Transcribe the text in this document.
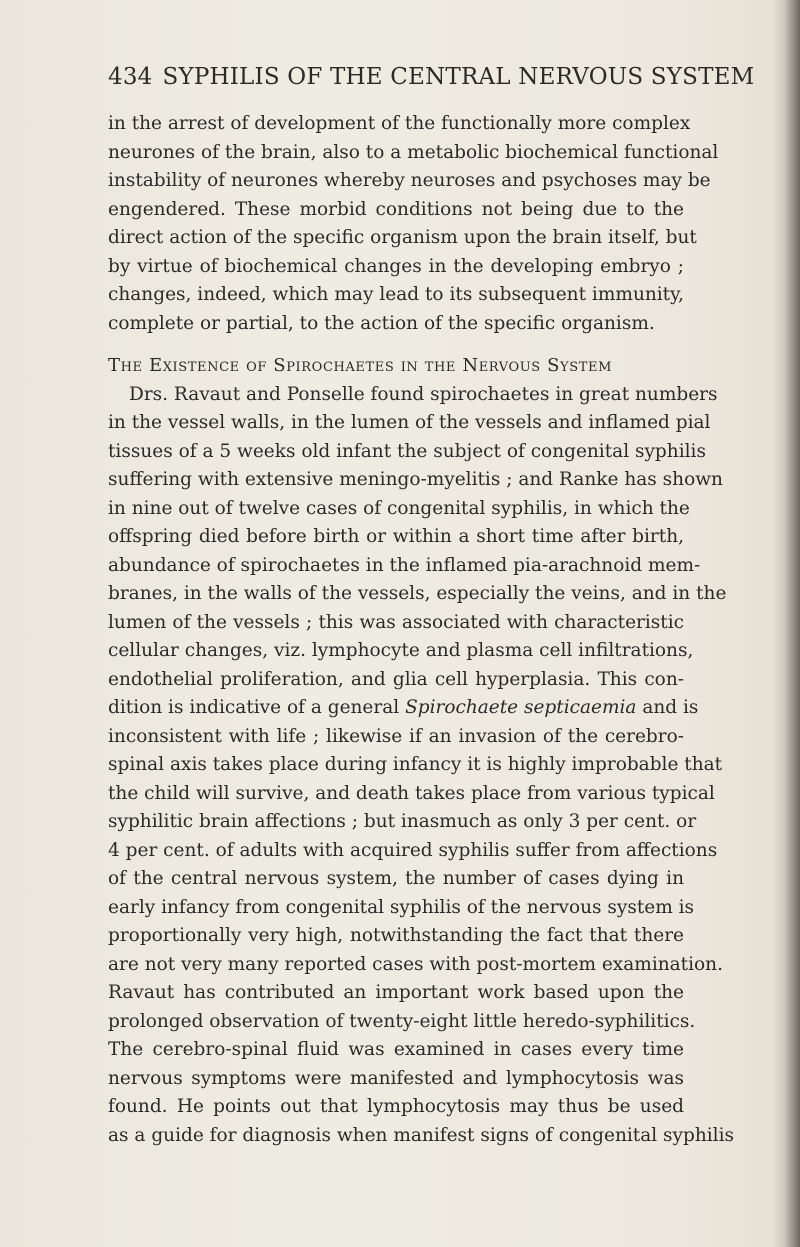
434 SYPHILIS OF THE CENTRAL NERVOUS SYSTEM
in the arrest of development of the functionally more complex
neurones of the brain, also to a metabolic biochemical functional
instability of neurones whereby neuroses and psychoses may be
engendered. These morbid conditions not being due to the
direct action of the specific organism upon the brain itself, but
by virtue of biochemical changes in the developing embryo ;
changes, indeed, which may lead to its subsequent immunity,
complete or partial, to the action of the specific organism.
The Existence of Spirochaetes in the Nervous System
Drs. Ravaut and Ponselle found spirochaetes in great numbers
in the vessel walls, in the lumen of the vessels and inflamed pial
tissues of a 5 weeks old infant the subject of congenital syphilis
suffering with extensive meningo-myelitis ; and Ranke has shown
in nine out of twelve cases of congenital syphilis, in which the
offspring died before birth or within a short time after birth,
abundance of spirochaetes in the inflamed pia-arachnoid mem-
branes, in the walls of the vessels, especially the veins, and in the
lumen of the vessels ; this was associated with characteristic
cellular changes, viz. lymphocyte and plasma cell infiltrations,
endothelial proliferation, and glia cell hyperplasia. This con-
dition is indicative of a general Spirochaete septicaemia and is
inconsistent with life ; likewise if an invasion of the cerebro-
spinal axis takes place during infancy it is highly improbable that
the child will survive, and death takes place from various typical
syphilitic brain affections ; but inasmuch as only 3 per cent. or
4 per cent. of adults with acquired syphilis suffer from affections
of the central nervous system, the number of cases dying in
early infancy from congenital syphilis of the nervous system is
proportionally very high, notwithstanding the fact that there
are not very many reported cases with post-mortem examination.
Ravaut has contributed an important work based upon the
prolonged observation of twenty-eight little heredo-syphilitics.
The cerebro-spinal fluid was examined in cases every time
nervous symptoms were manifested and lymphocytosis was
found. He points out that lymphocytosis may thus be used
as a guide for diagnosis when manifest signs of congenital syphilis
